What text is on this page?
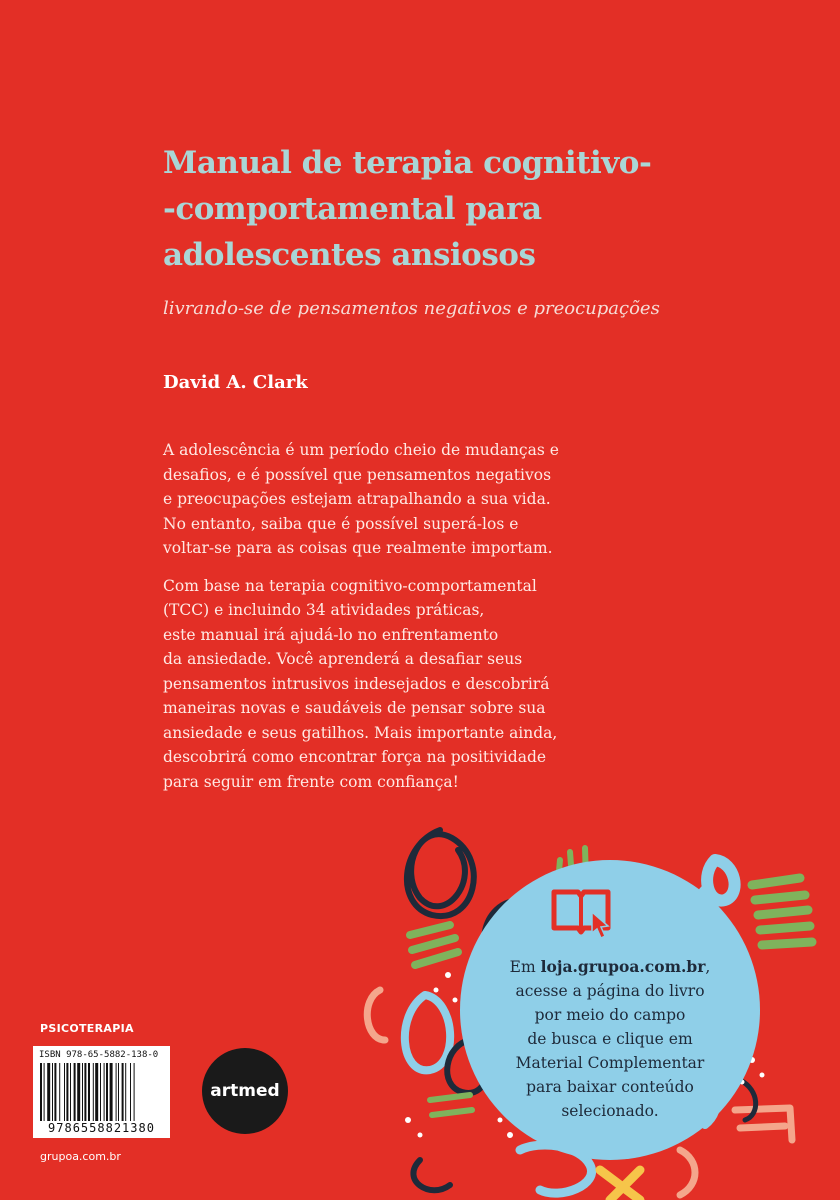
Manual de terapia cognitivo-
-comportamental para
adolescentes ansiosos
livrando-se de pensamentos negativos e preocupações
David A. Clark

A adolescência é um período cheio de mudanças e
desafios, e é possível que pensamentos negativos
e preocupações estejam atrapalhando a sua vida.
No entanto, saiba que é possível superá-los e
voltar-se para as coisas que realmente importam.

Com base na terapia cognitivo-comportamental
(TCC) e incluindo 34 atividades práticas,
este manual irá ajudá-lo no enfrentamento
da ansiedade. Você aprenderá a desafiar seus
pensamentos intrusivos indesejados e descobrirá
maneiras novas e saudáveis de pensar sobre sua
ansiedade e seus gatilhos. Mais importante ainda,
descobrirá como encontrar força na positividade
para seguir em frente com confiança!

Em loja.grupoa.com.br,
acesse a página do livro
por meio do campo
de busca e clique em
Material Complementar
para baixar conteúdo
selecionado.
PSICOTERAPIA
ISBN 978-65-5882-138-0
9786558821380
artmed
grupoa.com.br
